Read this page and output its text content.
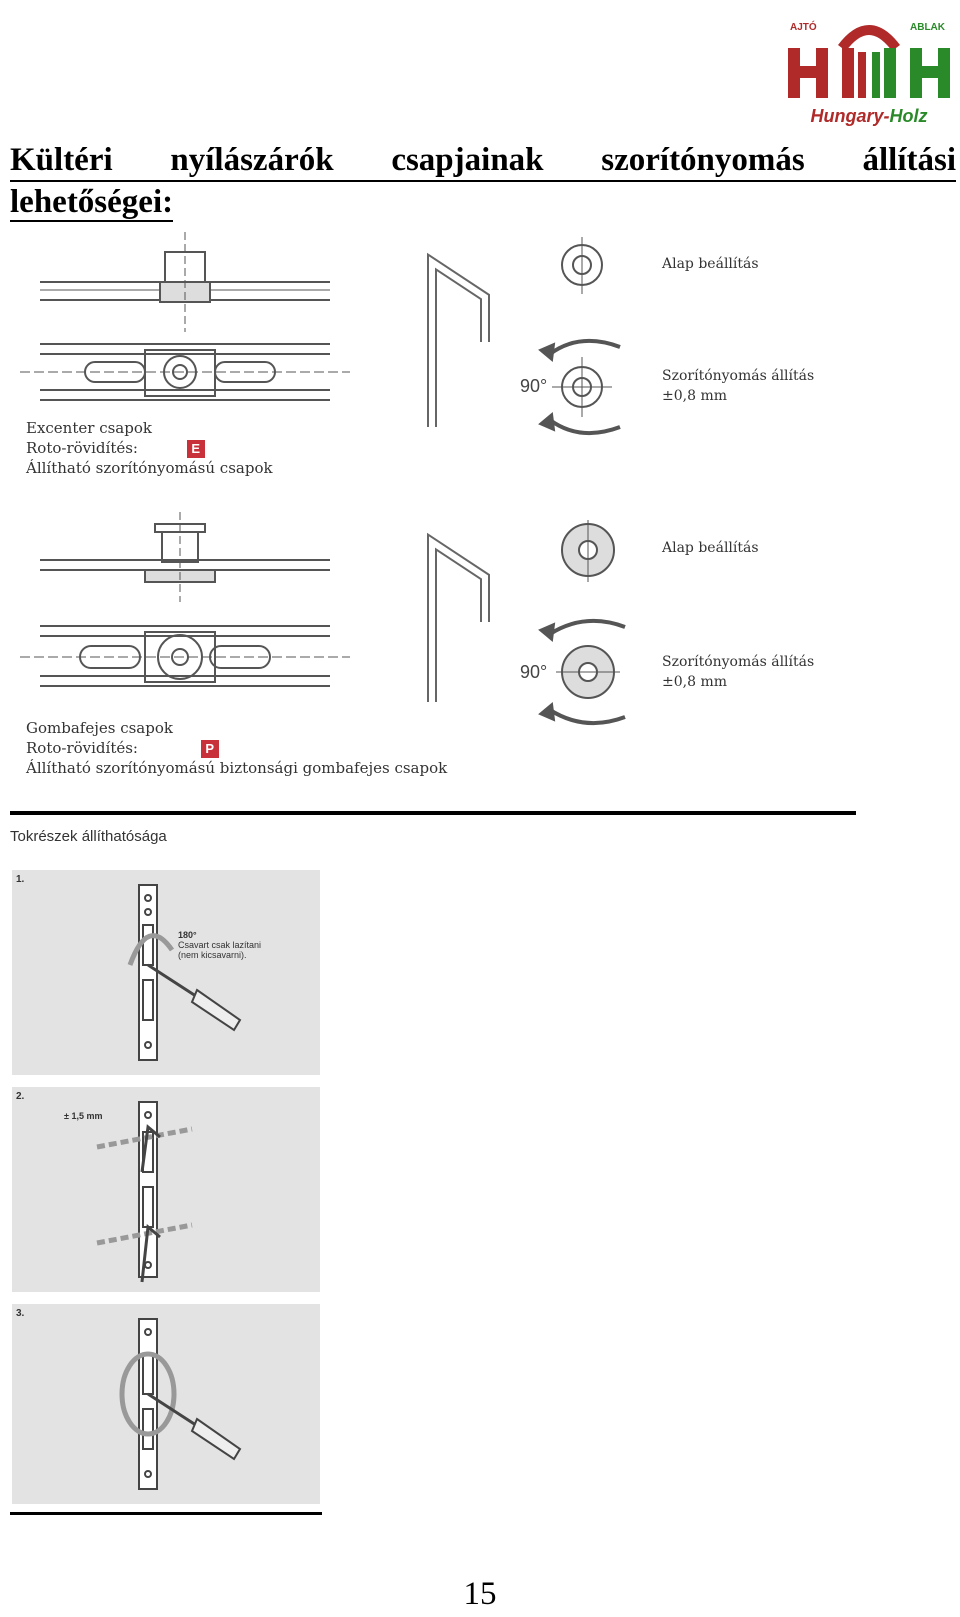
AJTÓ	ABLAK
Hungary-Holz
Kültéri nyílászárók csapjainak szorítónyomás állítási
lehetőségei:
90°
Alap beállítás
Szorítónyomás állítás
±0,8 mm
Excenter csapok
Roto-rövidítés:	E
Állítható szorítónyomású csapok
90°
Alap beállítás
Szorítónyomás állítás
±0,8 mm
Gombafejes csapok
Roto-rövidítés:	P
Állítható szorítónyomású biztonsági gombafejes csapok
Tokrészek állíthatósága
1.
180°
Csavart csak lazítani
(nem kicsavarni).
2.
± 1,5 mm
3.
15
